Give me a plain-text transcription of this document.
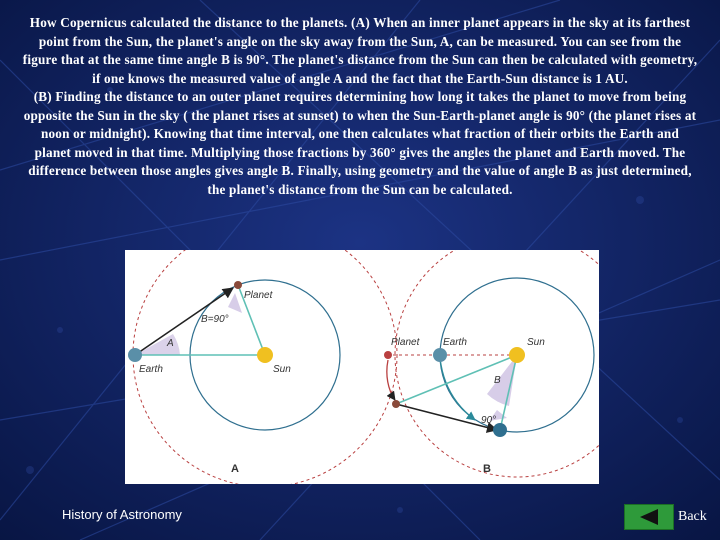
How Copernicus calculated the distance to the planets. (A) When an inner planet appears in the sky at its farthest point from the Sun, the planet's angle on the sky away from the Sun, A, can be measured. You can see from the figure that at the same time angle B is 90°. The planet's distance from the Sun can then be calculated with geometry, if one knows the measured value of angle A and the fact that the Earth-Sun distance is 1 AU.

(B) Finding the distance to an outer planet requires determining how long it takes the planet to move from being opposite the Sun in the sky ( the planet rises at sunset) to when the Sun-Earth-planet angle is 90° (the planet rises at noon or midnight). Knowing that time interval, one then calculates what fraction of their orbits the Earth and planet moved in that time. Multiplying those fractions by 360° gives the angles the planet and Earth moved. The difference between those angles gives angle B. Finally, using geometry and the value of angle B as just determined, the planet's distance from the Sun can be calculated.

Planet
B=90°
A
Earth	Sun
A
Planet Earth	Sun
B
90°
B
History of Astronomy	Back
